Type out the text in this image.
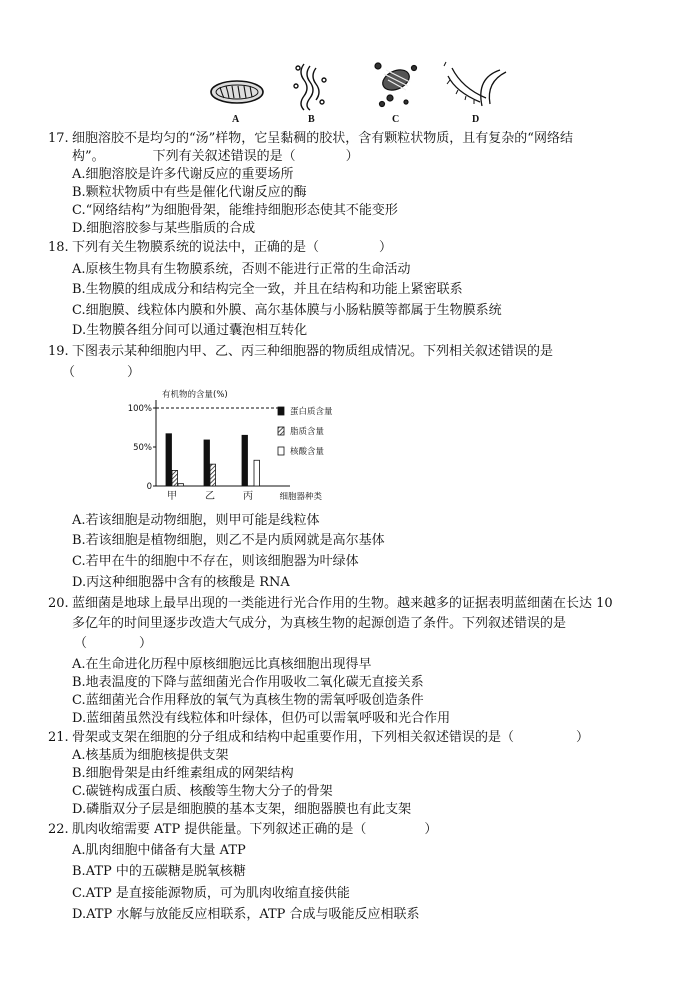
A	B	C	D
17. 细胞溶胶不是均匀的“汤”样物，它呈黏稠的胶状，含有颗粒状物质，且有复杂的“网络结
构”。	下列有关叙述错误的是（	）
A.细胞溶胶是许多代谢反应的重要场所
B.颗粒状物质中有些是催化代谢反应的酶
C.“网络结构”为细胞骨架，能维持细胞形态使其不能变形
D.细胞溶胶参与某些脂质的合成
18. 下列有关生物膜系统的说法中，正确的是（	）
A.原核生物具有生物膜系统，否则不能进行正常的生命活动
B.生物膜的组成成分和结构完全一致，并且在结构和功能上紧密联系
C.细胞膜、线粒体内膜和外膜、高尔基体膜与小肠粘膜等都属于生物膜系统
D.生物膜各组分间可以通过囊泡相互转化
19. 下图表示某种细胞内甲、乙、丙三种细胞器的物质组成情况。下列相关叙述错误的是
（	）
0
50%
100%
有机物的含量(%)
甲	乙	丙	细胞器种类
蛋白质含量
脂质含量
核酸含量
A.若该细胞是动物细胞，则甲可能是线粒体
B.若该细胞是植物细胞，则乙不是内质网就是高尔基体
C.若甲在牛的细胞中不存在，则该细胞器为叶绿体
D.丙这种细胞器中含有的核酸是 RNA
20. 蓝细菌是地球上最早出现的一类能进行光合作用的生物。越来越多的证据表明蓝细菌在长达 10
多亿年的时间里逐步改造大气成分，为真核生物的起源创造了条件。下列叙述错误的是
（	）
A.在生命进化历程中原核细胞远比真核细胞出现得早
B.地表温度的下降与蓝细菌光合作用吸收二氧化碳无直接关系
C.蓝细菌光合作用释放的氧气为真核生物的需氧呼吸创造条件
D.蓝细菌虽然没有线粒体和叶绿体，但仍可以需氧呼吸和光合作用
21. 骨架或支架在细胞的分子组成和结构中起重要作用，下列相关叙述错误的是（	）
A.核基质为细胞核提供支架
B.细胞骨架是由纤维素组成的网架结构
C.碳链构成蛋白质、核酸等生物大分子的骨架
D.磷脂双分子层是细胞膜的基本支架，细胞器膜也有此支架
22. 肌肉收缩需要 ATP 提供能量。下列叙述正确的是（	）
A.肌肉细胞中储备有大量 ATP
B.ATP 中的五碳糖是脱氧核糖
C.ATP 是直接能源物质，可为肌肉收缩直接供能
D.ATP 水解与放能反应相联系，ATP 合成与吸能反应相联系
